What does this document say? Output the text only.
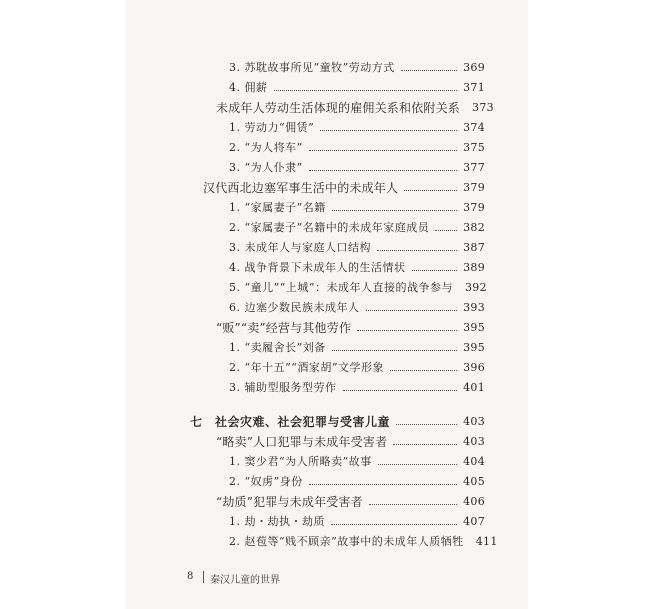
3. 苏耽故事所见“童牧”劳动方式	369
4. 佣薪	371
未成年人劳动生活体现的雇佣关系和依附关系 373
1. 劳动力“佣赁”	374
2. “为人将车”	375
3. “为人仆隶”	377
汉代西北边塞军事生活中的未成年人	379
1. “家属妻子”名籍	379
2. “家属妻子”名籍中的未成年家庭成员	382
3. 未成年人与家庭人口结构	387
4. 战争背景下未成年人的生活情状	389
5. “童儿”“上城”：未成年人直接的战争参与 392
6. 边塞少数民族未成年人	393
“贩”“卖”经营与其他劳作	395
1. “卖履舍长”刘备	395
2. “年十五”“酒家胡”文学形象	396
3. 辅助型服务型劳作	401
七　社会灾难、社会犯罪与受害儿童	403
“略卖”人口犯罪与未成年受害者	403
1. 窦少君“为人所略卖”故事	404
2. “奴虏”身份	405
“劫质”犯罪与未成年受害者	406
1. 劫・劫执・劫质	407
2. 赵苞等“贱不顾亲”故事中的未成年人质牺牲 411
8	秦汉儿童的世界
